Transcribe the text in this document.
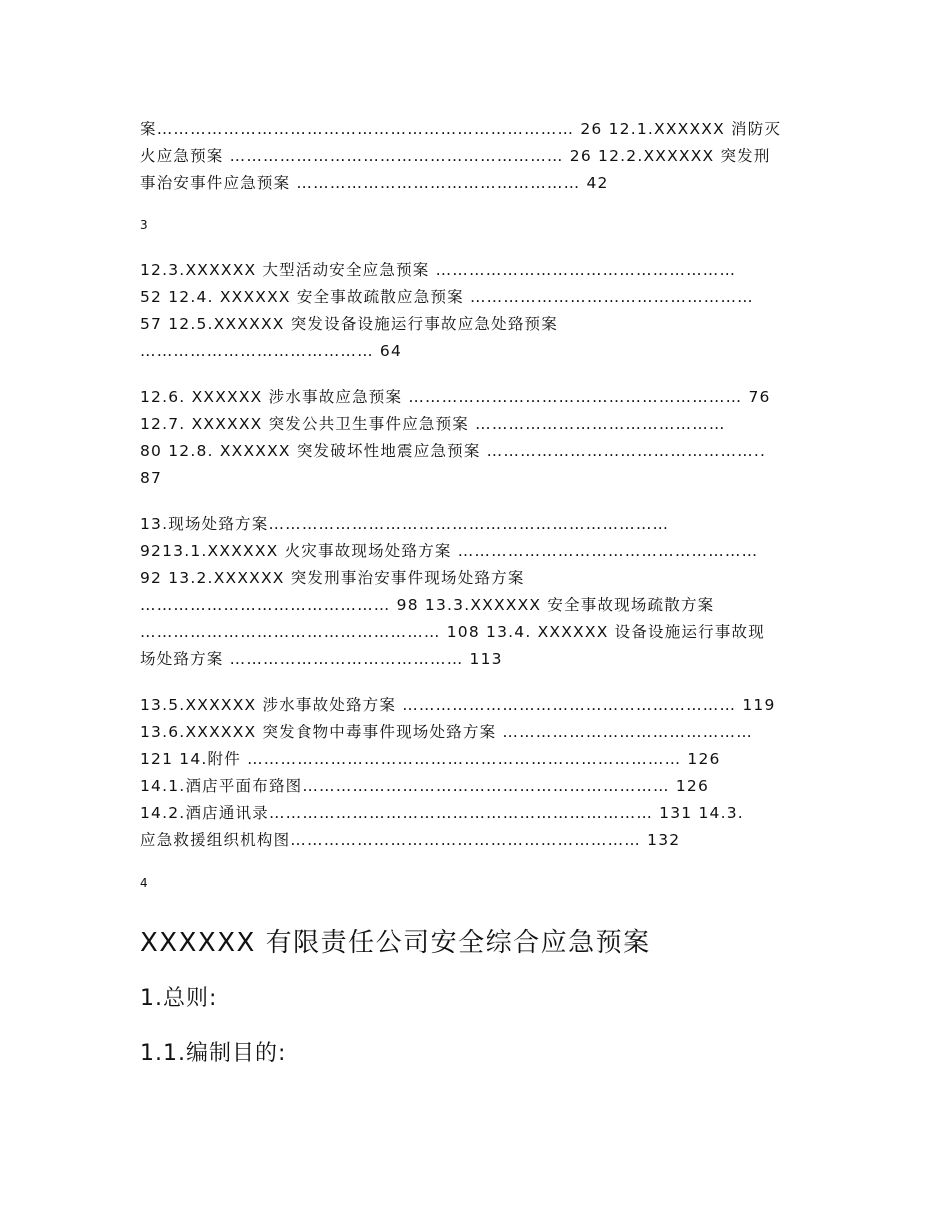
案………………………………………………………………… 26 12.1.XXXXXX 消防灭
火应急预案 …………………………………………………… 26 12.2.XXXXXX 突发刑
事治安事件应急预案 …………………………………………… 42
3
12.3.XXXXXX 大型活动安全应急预案 ………………………………………………
52 12.4. XXXXXX 安全事故疏散应急预案 ……………………………………………
57 12.5.XXXXXX 突发设备设施运行事故应急处臵预案
…………………………………… 64
12.6. XXXXXX 涉水事故应急预案 …………………………………………………… 76
12.7. XXXXXX 突发公共卫生事件应急预案 ………………………………………
80 12.8. XXXXXX 突发破坏性地震应急预案 …………………………………………..
87
13.现场处臵方案………………………………………………………………
9213.1.XXXXXX 火灾事故现场处臵方案 ………………………………………………
92 13.2.XXXXXX 突发刑事治安事件现场处臵方案
……………………………………… 98 13.3.XXXXXX 安全事故现场疏散方案
……………………………………………… 108 13.4. XXXXXX 设备设施运行事故现
场处臵方案 …………………………………… 113
13.5.XXXXXX 涉水事故处臵方案 …………………………………………………… 119
13.6.XXXXXX 突发食物中毒事件现场处臵方案 ………………………………………
121 14.附件 …………………………………………………………………… 126
14.1.酒店平面布臵图………………………………………………………… 126
14.2.酒店通讯录…………………………………………………………… 131 14.3.
应急救援组织机构图……………………………………………………… 132
4
XXXXXX 有限责任公司安全综合应急预案
1.总则:
1.1.编制目的:
